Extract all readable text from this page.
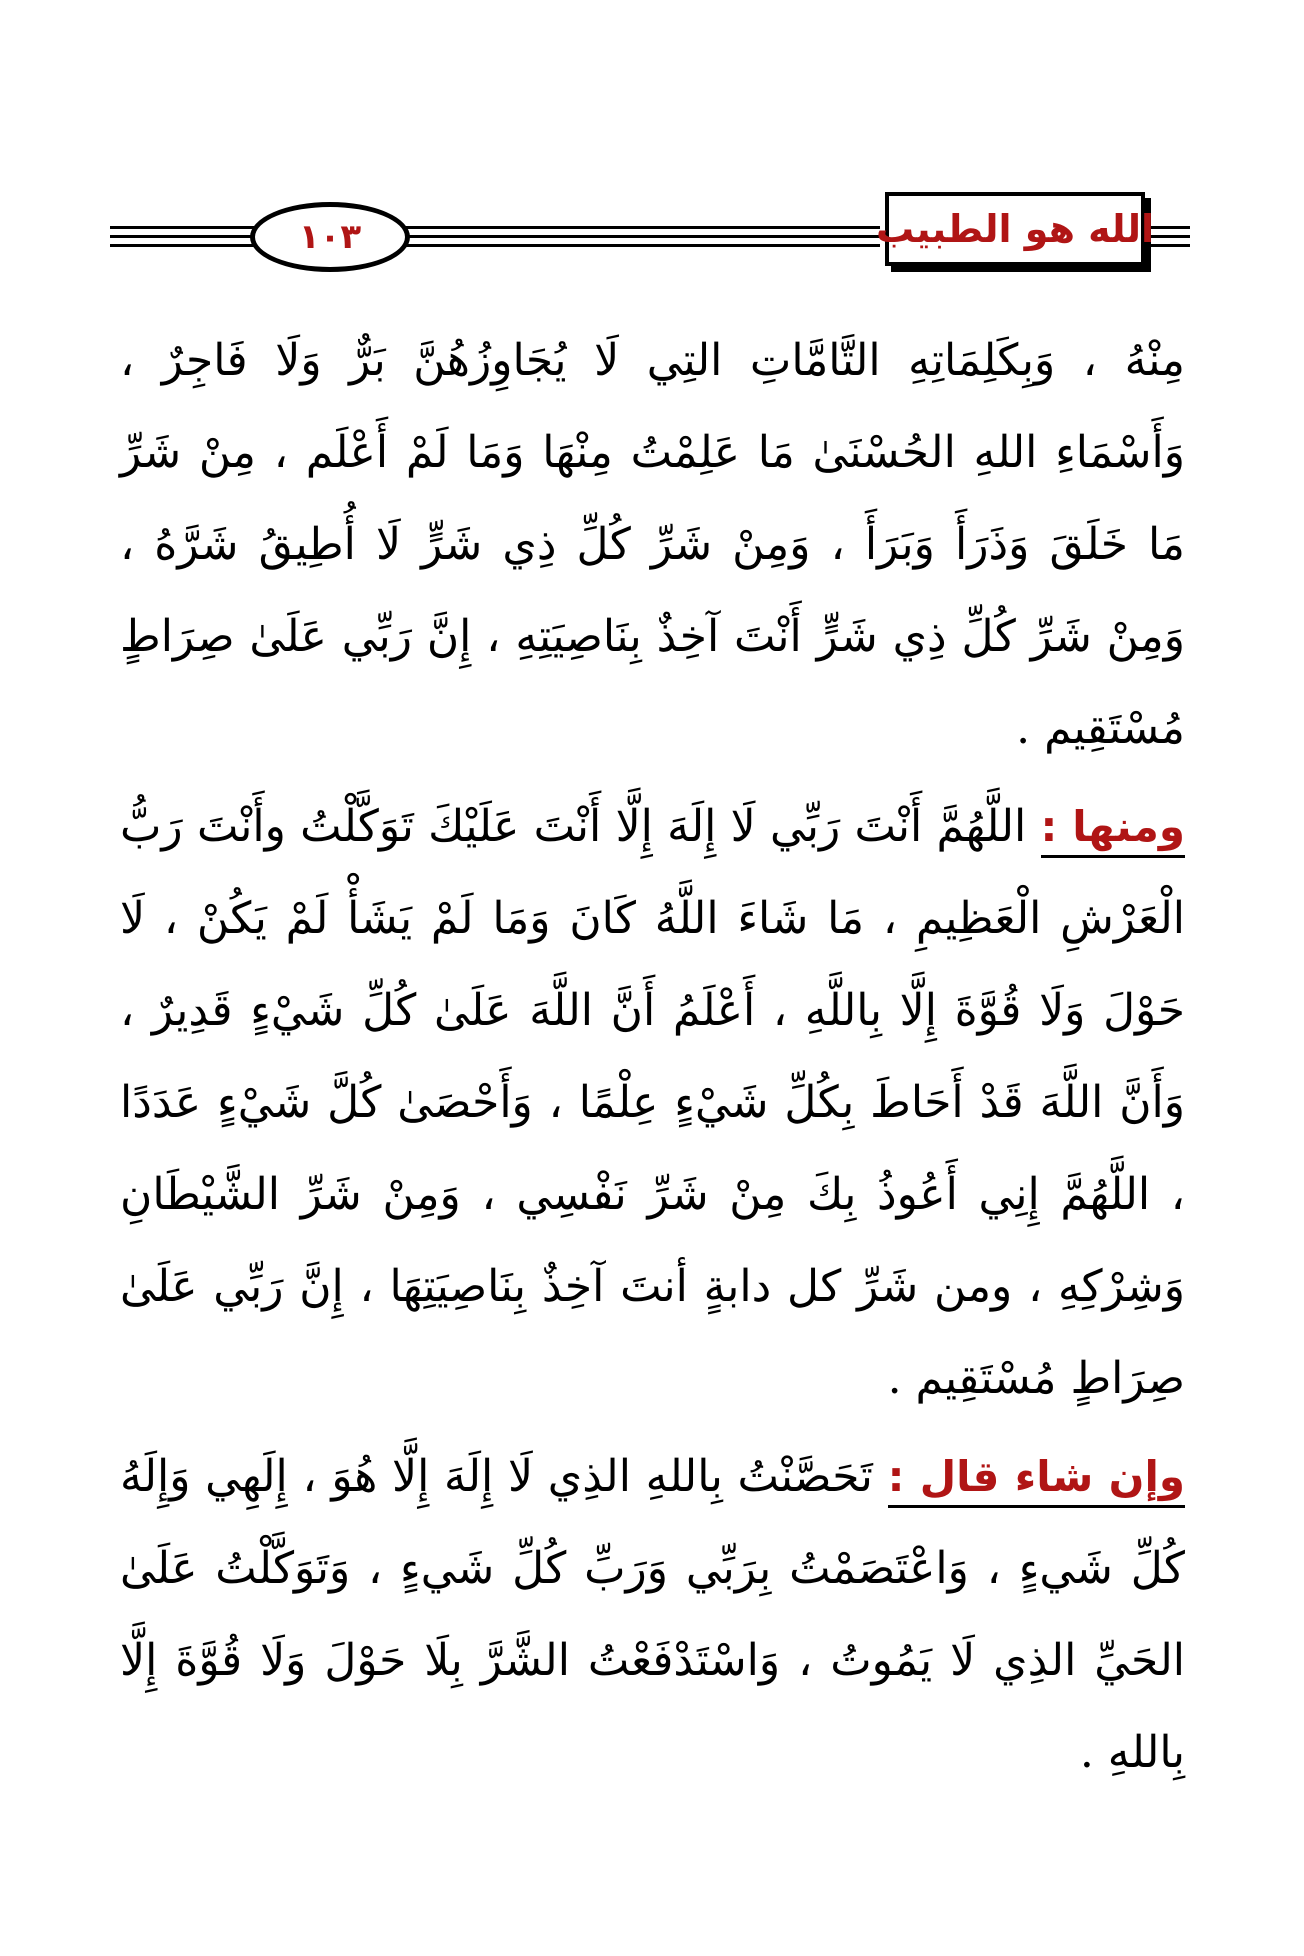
١٠٣	الله هو الطبيب

مِنْهُ ، وَبِكَلِمَاتِهِ التَّامَّاتِ التِي لَا يُجَاوِزُهُنَّ بَرٌّ وَلَا فَاجِرٌ ، وَأَسْمَاءِ اللهِ الحُسْنَىٰ مَا عَلِمْتُ مِنْهَا وَمَا لَمْ أَعْلَم ، مِنْ شَرِّ مَا خَلَقَ وَذَرَأَ وَبَرَأَ ، وَمِنْ شَرِّ كُلِّ ذِي شَرٍّ لَا أُطِيقُ شَرَّهُ ، وَمِنْ شَرِّ كُلِّ ذِي شَرٍّ أَنْتَ آخِذٌ بِنَاصِيَتِهِ ، إِنَّ رَبِّي عَلَىٰ صِرَاطٍ مُسْتَقِيم .

ومنها : اللَّهُمَّ أَنْتَ رَبِّي لَا إِلَهَ إِلَّا أَنْتَ عَلَيْكَ تَوَكَّلْتُ وأَنْتَ رَبُّ الْعَرْشِ الْعَظِيمِ ، مَا شَاءَ اللَّهُ كَانَ وَمَا لَمْ يَشَأْ لَمْ يَكُنْ ، لَا حَوْلَ وَلَا قُوَّةَ إِلَّا بِاللَّهِ ، أَعْلَمُ أَنَّ اللَّهَ عَلَىٰ كُلِّ شَيْءٍ قَدِيرٌ ، وَأَنَّ اللَّهَ قَدْ أَحَاطَ بِكُلِّ شَيْءٍ عِلْمًا ، وَأَحْصَىٰ كُلَّ شَيْءٍ عَدَدًا ، اللَّهُمَّ إِنِي أَعُوذُ بِكَ مِنْ شَرِّ نَفْسِي ، وَمِنْ شَرِّ الشَّيْطَانِ وَشِرْكِهِ ، ومن شَرِّ كل دابةٍ أنتَ آخِذٌ بِنَاصِيَتِهَا ، إِنَّ رَبِّي عَلَىٰ صِرَاطٍ مُسْتَقِيم .

وإن شاء قال : تَحَصَّنْتُ بِاللهِ الذِي لَا إِلَهَ إِلَّا هُوَ ، إِلَهِي وَإِلَهُ كُلِّ شَيءٍ ، وَاعْتَصَمْتُ بِرَبِّي وَرَبِّ كُلِّ شَيءٍ ، وَتَوَكَّلْتُ عَلَىٰ الحَيِّ الذِي لَا يَمُوتُ ، وَاسْتَدْفَعْتُ الشَّرَّ بِلَا حَوْلَ وَلَا قُوَّةَ إِلَّا بِاللهِ .
